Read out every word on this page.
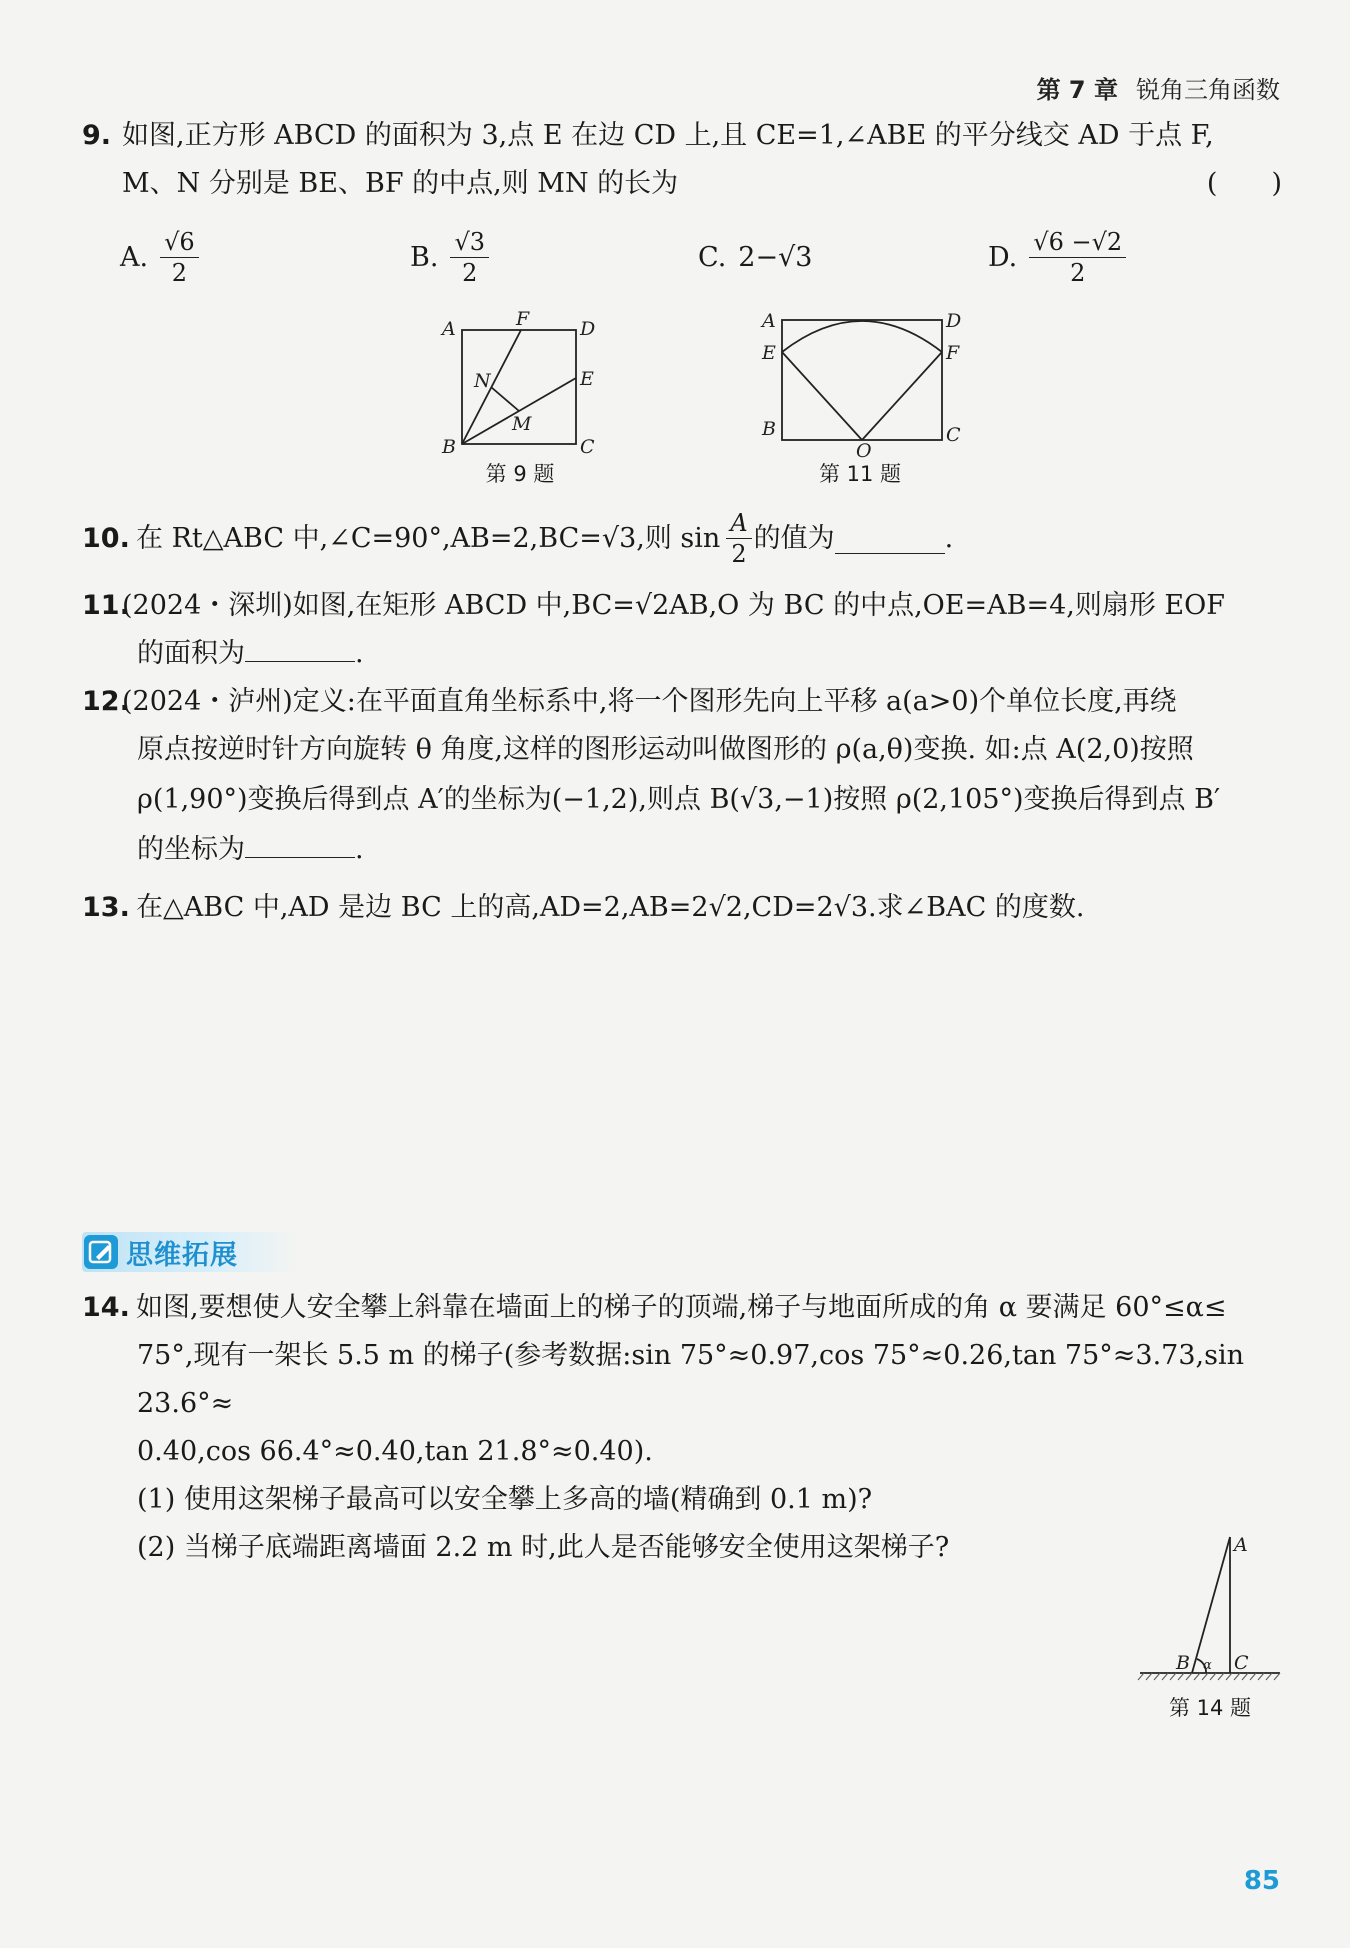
第 7 章 锐角三角函数
9. 如图,正方形 ABCD 的面积为 3,点 E 在边 CD 上,且 CE=1,∠ABE 的平分线交 AD 于点 F,
M、N 分别是 BE、BF 的中点,则 MN 的长为	(　　)
A. $\frac{√6}{2}$	B. $\frac{√3}{2}$	C. 2−√3	D. $\frac{√6 -√2}{2}$
A
B	C
D
E
F
M
N
第 9 题
A
E
B
D
F
C
O
第 11 题
10. 在 Rt△ABC 中,∠C=90°,AB=2,BC=√3,则 $\sin \frac{A}{2}$ 的值为	.
11.(2024・深圳)如图,在矩形 ABCD 中,BC=√2AB,O 为 BC 的中点,OE=AB=4,则扇形 EOF
的面积为	.
12.(2024・泸州)定义:在平面直角坐标系中,将一个图形先向上平移 a(a>0)个单位长度,再绕
原点按逆时针方向旋转 θ 角度,这样的图形运动叫做图形的 ρ(a,θ)变换. 如:点 A(2,0)按照
ρ(1,90°)变换后得到点 A′的坐标为(−1,2),则点 B(√3,−1)按照 ρ(2,105°)变换后得到点 B′
的坐标为	.
13. 在△ABC 中,AD 是边 BC 上的高,AD=2,AB=2√2,CD=2√3.求∠BAC 的度数.
思维拓展
14. 如图,要想使人安全攀上斜靠在墙面上的梯子的顶端,梯子与地面所成的角 α 要满足 60°≤α≤
75°,现有一架长 5.5 m 的梯子(参考数据:sin 75°≈0.97,cos 75°≈0.26,tan 75°≈3.73,sin 23.6°≈
0.40,cos 66.4°≈0.40,tan 21.8°≈0.40).
(1) 使用这架梯子最高可以安全攀上多高的墙(精确到 0.1 m)?
(2) 当梯子底端距离墙面 2.2 m 时,此人是否能够安全使用这架梯子?	A
B C
α
第 14 题
85
